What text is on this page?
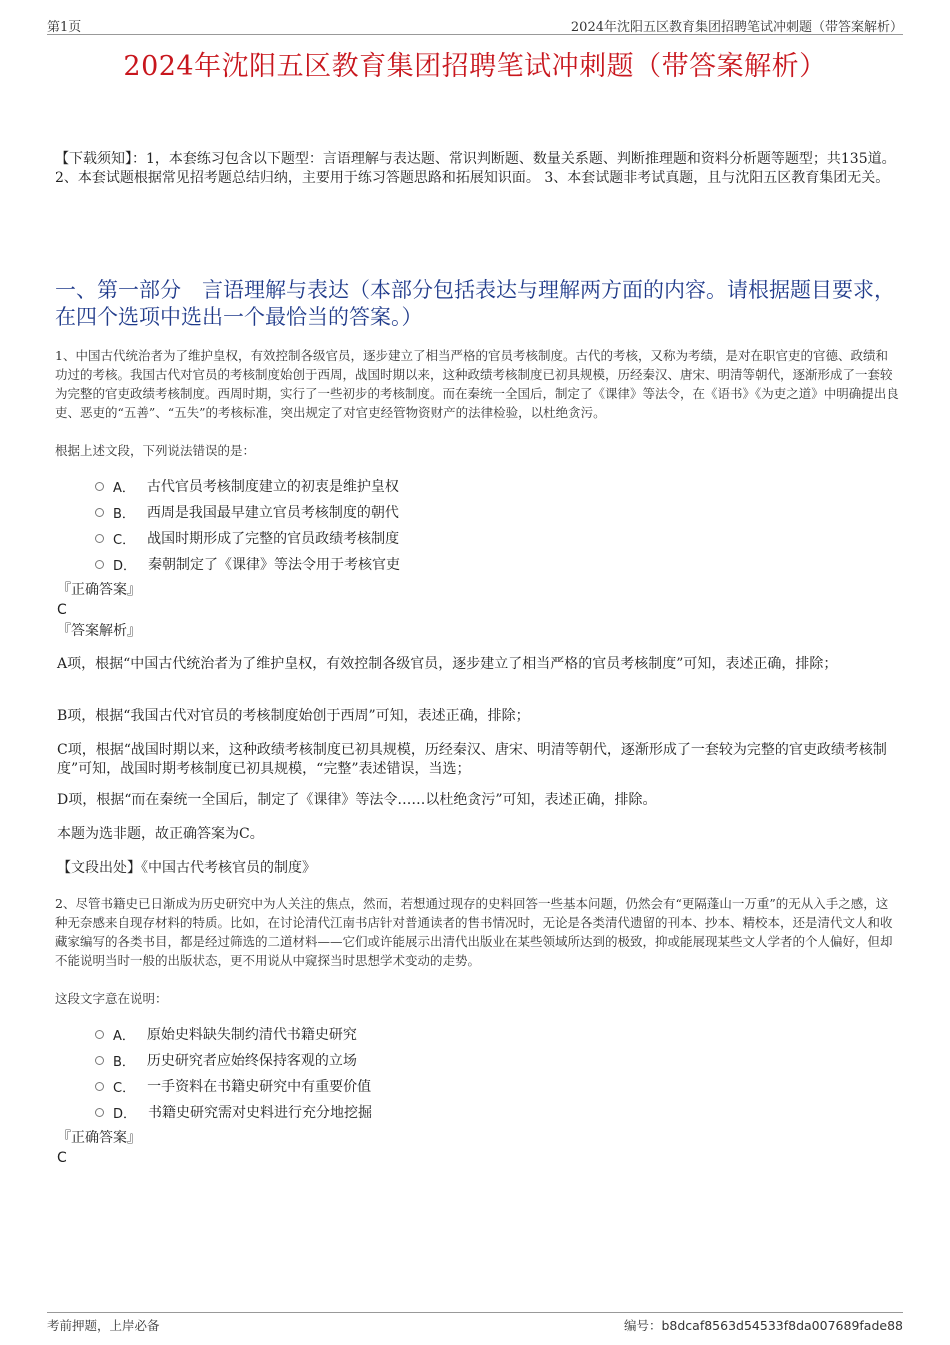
第1页	2024年沈阳五区教育集团招聘笔试冲刺题（带答案解析）
2024年沈阳五区教育集团招聘笔试冲刺题（带答案解析）
【下载须知】：1，本套练习包含以下题型：言语理解与表达题、常识判断题、数量关系题、判断推理题和资料分析题等题型；共135道。 2、本套试题根据常见招考题总结归纳，主要用于练习答题思路和拓展知识面。 3、本套试题非考试真题，且与沈阳五区教育集团无关。
一、第一部分　言语理解与表达（本部分包括表达与理解两方面的内容。请根据题目要求，在四个选项中选出一个最恰当的答案。）
1、中国古代统治者为了维护皇权，有效控制各级官员，逐步建立了相当严格的官员考核制度。古代的考核，又称为考绩，是对在职官吏的官德、政绩和功过的考核。我国古代对官员的考核制度始创于西周，战国时期以来，这种政绩考核制度已初具规模，历经秦汉、唐宋、明清等朝代，逐渐形成了一套较为完整的官吏政绩考核制度。西周时期，实行了一些初步的考核制度。而在秦统一全国后，制定了《课律》等法令，在《语书》《为吏之道》中明确提出良吏、恶吏的“五善”、“五失”的考核标准，突出规定了对官吏经管物资财产的法律检验，以杜绝贪污。
根据上述文段，下列说法错误的是：
A． 古代官员考核制度建立的初衷是维护皇权
B． 西周是我国最早建立官员考核制度的朝代
C． 战国时期形成了完整的官员政绩考核制度
D． 秦朝制定了《课律》等法令用于考核官吏
『正确答案』
C
『答案解析』
A项，根据“中国古代统治者为了维护皇权，有效控制各级官员，逐步建立了相当严格的官员考核制度”可知，表述正确，排除；
B项，根据“我国古代对官员的考核制度始创于西周”可知，表述正确，排除；
C项，根据“战国时期以来，这种政绩考核制度已初具规模，历经秦汉、唐宋、明清等朝代，逐渐形成了一套较为完整的官吏政绩考核制度”可知，战国时期考核制度已初具规模，“完整”表述错误，当选；
D项，根据“而在秦统一全国后，制定了《课律》等法令……以杜绝贪污”可知，表述正确，排除。
本题为选非题，故正确答案为C。
【文段出处】《中国古代考核官员的制度》
2、尽管书籍史已日渐成为历史研究中为人关注的焦点，然而，若想通过现存的史料回答一些基本问题，仍然会有“更隔蓬山一万重”的无从入手之感，这种无奈感来自现存材料的特质。比如，在讨论清代江南书店针对普通读者的售书情况时，无论是各类清代遗留的刊本、抄本、精校本，还是清代文人和收藏家编写的各类书目，都是经过筛选的二道材料——它们或许能展示出清代出版业在某些领域所达到的极致，抑或能展现某些文人学者的个人偏好，但却不能说明当时一般的出版状态，更不用说从中窥探当时思想学术变动的走势。
这段文字意在说明：
A． 原始史料缺失制约清代书籍史研究
B． 历史研究者应始终保持客观的立场
C． 一手资料在书籍史研究中有重要价值
D． 书籍史研究需对史料进行充分地挖掘
『正确答案』
C
考前押题，上岸必备	编号：b8dcaf8563d54533f8da007689fade88
